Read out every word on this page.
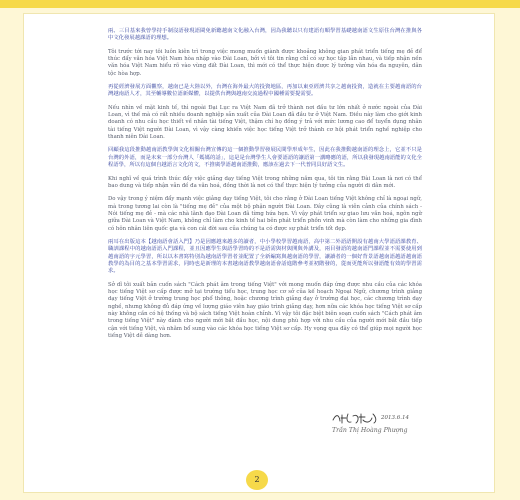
兩、三目基來我曾學持手制沒語發現語閩免新聽越南文化融入台灣，因為我聽以只有建語有順學習基礎越南語文生原住台灣在推與各中文化發展越課語的理想。

Tôi trước tới nay tôi luôn kiên trì trong việc mong muốn giành được khoảng không gian phát triển tiếng mẹ đẻ để thúc đẩy văn hóa Việt Nam hòa nhập vào Đài Loan, bởi vì tôi tin rằng chỉ có sự học tập lẫn nhau, và tiếp nhận nền văn hóa Việt Nam hiểu rõ vào vùng đất Đài Loan, thì mới có thể thực hiện được lý tưởng văn hóa đa nguyên, dân tộc hòa hợp.

再從經濟發展方面觀察，越南已是大陸以外，台灣在海外最大的投資地區，再加以東亞經濟共享之越南投資，造就在主要越南語的台灣越南語人才，其至輔導數位語新媒體，以提供台灣與越南交流過程中國種需要提需要。

Nếu nhìn về mặt kinh tế, thì ngoài Đại Lục ra Việt Nam đã trở thành nơi đầu tư lớn nhất ở nước ngoài của Đài Loan, vì thế mà có rất nhiều doanh nghiệp sản xuất của Đài Loan đã đầu tư ở Việt Nam. Điều này làm cho giới kinh doanh có nhu cầu học thiết về nhân tài tiếng Việt, thậm chí họ đồng ý trả với mức lương cao để tuyển dụng nhân tài tiếng Việt người Đài Loan, vì vậy càng khiến việc học tiếng Việt trở thành cơ hội phát triển nghề nghiệp cho thanh niên Đài Loan.

回顧我這段推動越南語教學與文化相關台灣宣傳的這一個推動學習發展民間學形成年生，因此在我推動越南語的理念上，它並不只是台灣的外語，而是未來一部分台灣人「媽媽的話」，這是是台灣學生人會要語語的讓語第一講略應的語，所以我發現越南語能的文化全程語學，所以有這個自越語言文化的文，不推廣學語越南語推動，應該在過去下一代普同具好語文生。

Khi nghĩ về quá trình thúc đẩy việc giảng dạy tiếng Việt trong những năm qua, tôi tin rằng Đài Loan là nơi có thể bao dung và tiếp nhận vẫn đề đa văn hoá, đồng thời là nơi có thể thực hiện lý tưởng của người di dân mới.

Do vậy trong ý niệm đẩy mạnh việc giảng dạy tiếng Việt, tôi cho rằng ở Đài Loan tiếng Việt không chỉ là ngoại ngữ, mà trong tương lai còn là "tiếng mẹ đẻ" của một bộ phận người Đài Loan. Đây cũng là viễn cảnh của chính sách - Nói tiếng mẹ đẻ - mà các nhà lãnh đạo Đài Loan đã từng hứa hẹn. Vì vậy phát triển sự giao lưu văn hoá, ngôn ngữ giữa Đài Loan và Việt Nam, không chỉ làm cho kinh tế hai bên phát triển phồn vinh mà còn làm cho những gia đình có hôn nhân liên quốc gia và con cái đời sau của chúng ta có được sự phát triển tốt đẹp.

兩耳在出版這本【越南語會話入門】乃是因應越來越多的讀者，中小學校學習越南語，高中第二外語語開設有越南大學語語課教育、職訓課程中的越南語語入門課程，並且因應學生與語學習時的不是語需與材與開與外講及，兩目發語的越南語門課程並不需要使用到越南語的字元學習，所以以本書寫特別為越南語學習者並配置了全新編寫與越南語的學習，讓讀者的一個好背景語越南語越語越南語教學的為目的之基本學習需求，同時也是新理的本書越南語教學越南語會話進階參考並初階發的，從而更能所以發語能有效的學習需求。

Sở dĩ tôi xuất bản cuốn sách "Cách phát âm trong tiếng Việt" với mong muốn đáp ứng được nhu cầu của các khóa học tiếng Việt sơ cấp được mở tại trường tiểu học, trung học cơ sở của kế hoạch Ngoại Ngữ, chương trình giảng dạy tiếng Việt ở trường trung học phổ thông, hoặc chương trình giảng dạy ở trường đại học, các chương trình dạy nghề, nhưng không đủ đáp ứng về lượng giáo viên hay giáo trình giảng dạy, hơn nữa các khóa học tiếng Việt sơ cấp này không cần có hệ thống và bộ sách tiếng Việt hoàn chỉnh. Vì vậy tôi đặc biệt biên soạn cuốn sách "Cách phát âm trong tiếng Việt" này dành cho người mới bắt đầu học, nội dung phù hợp với nhu cầu của người mới bắt đầu tiếp cận với tiếng Việt, và nhằm bổ sung vào các khóa học tiếng Việt sơ cấp. Hy vọng qua đây có thể giúp mọi người học tiếng Việt dễ dàng hơn.

2013.6.14
Trần Thị Hoàng Phượng
2
